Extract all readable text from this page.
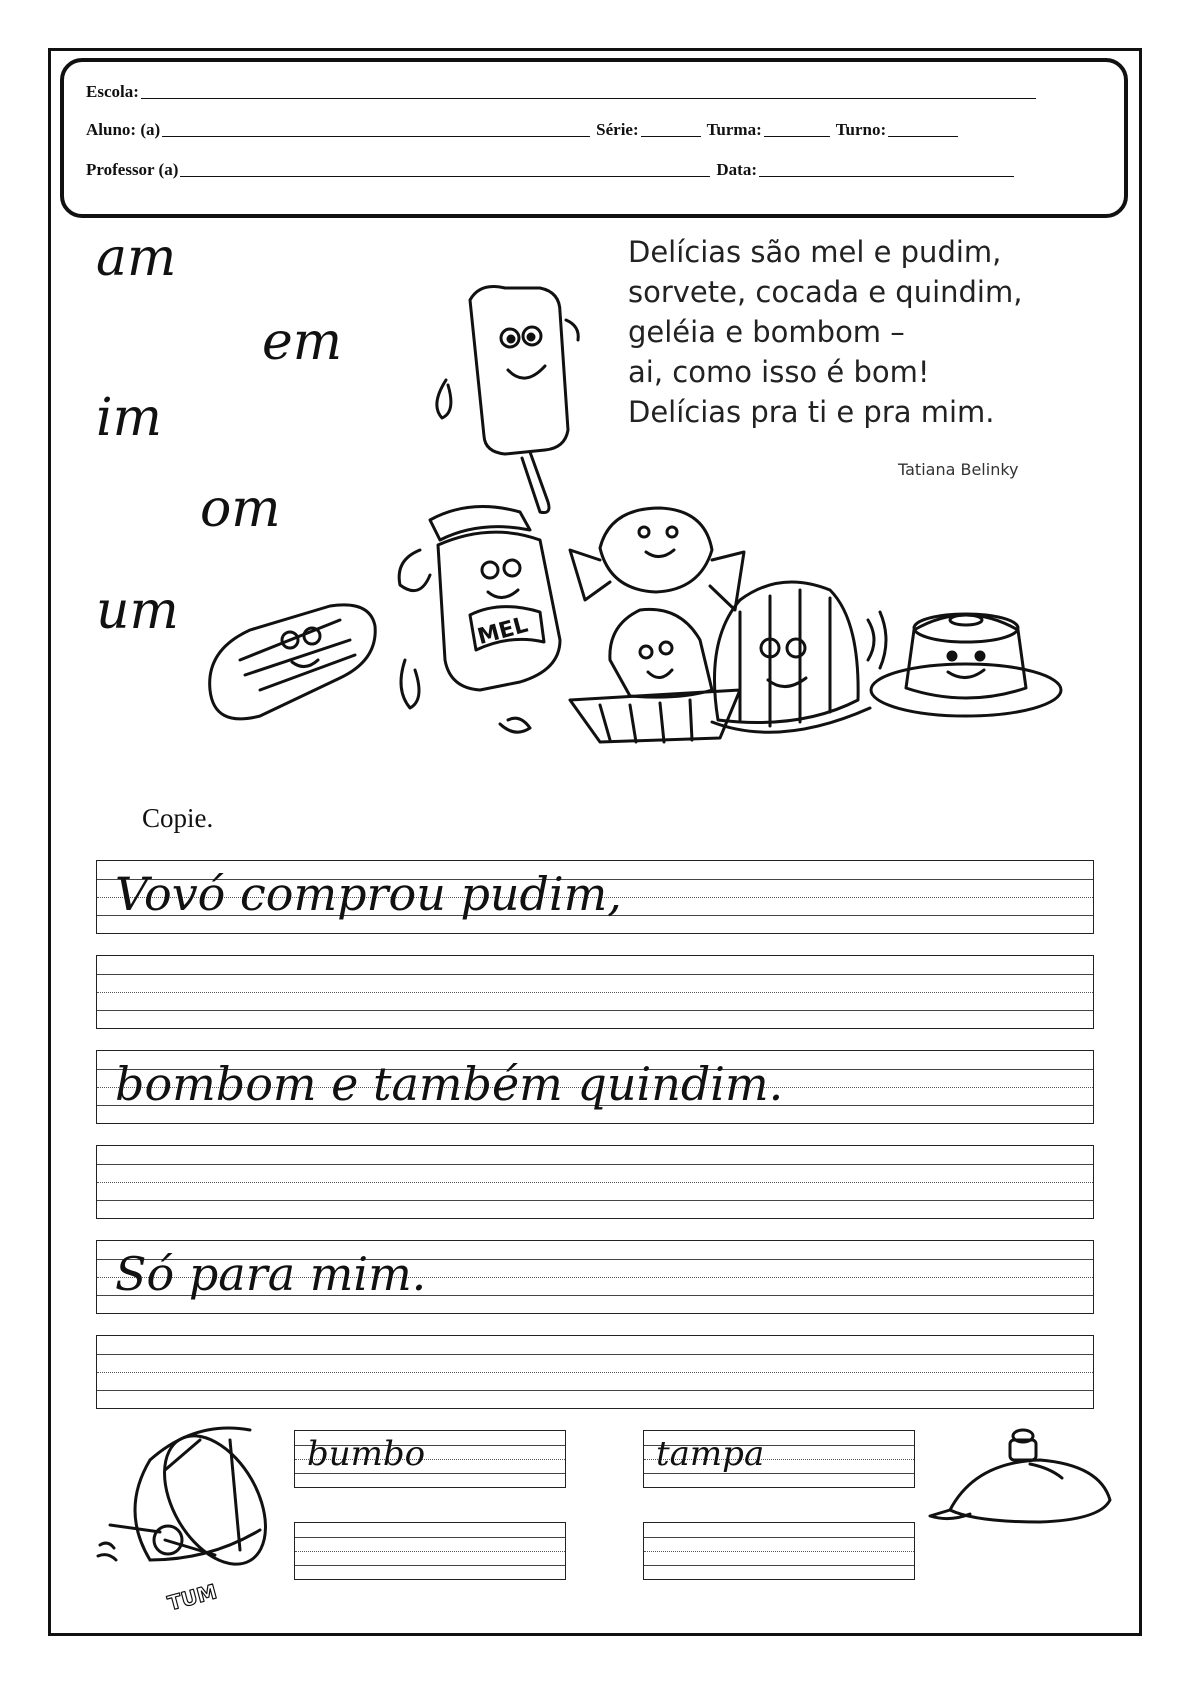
Escola:
Aluno: (a)	Série:	Turma:	Turno:
Professor (a)	Data:
am
em
im
om
um
Delícias são mel e pudim,
sorvete, cocada e quindim,
geléia e bombom –
ai, como isso é bom!
Delícias pra ti e pra mim.
Tatiana Belinky
MEL
Copie.
Vovó comprou pudim,
bombom e também quindim.
Só para mim.
bumbo	tampa
TUM
